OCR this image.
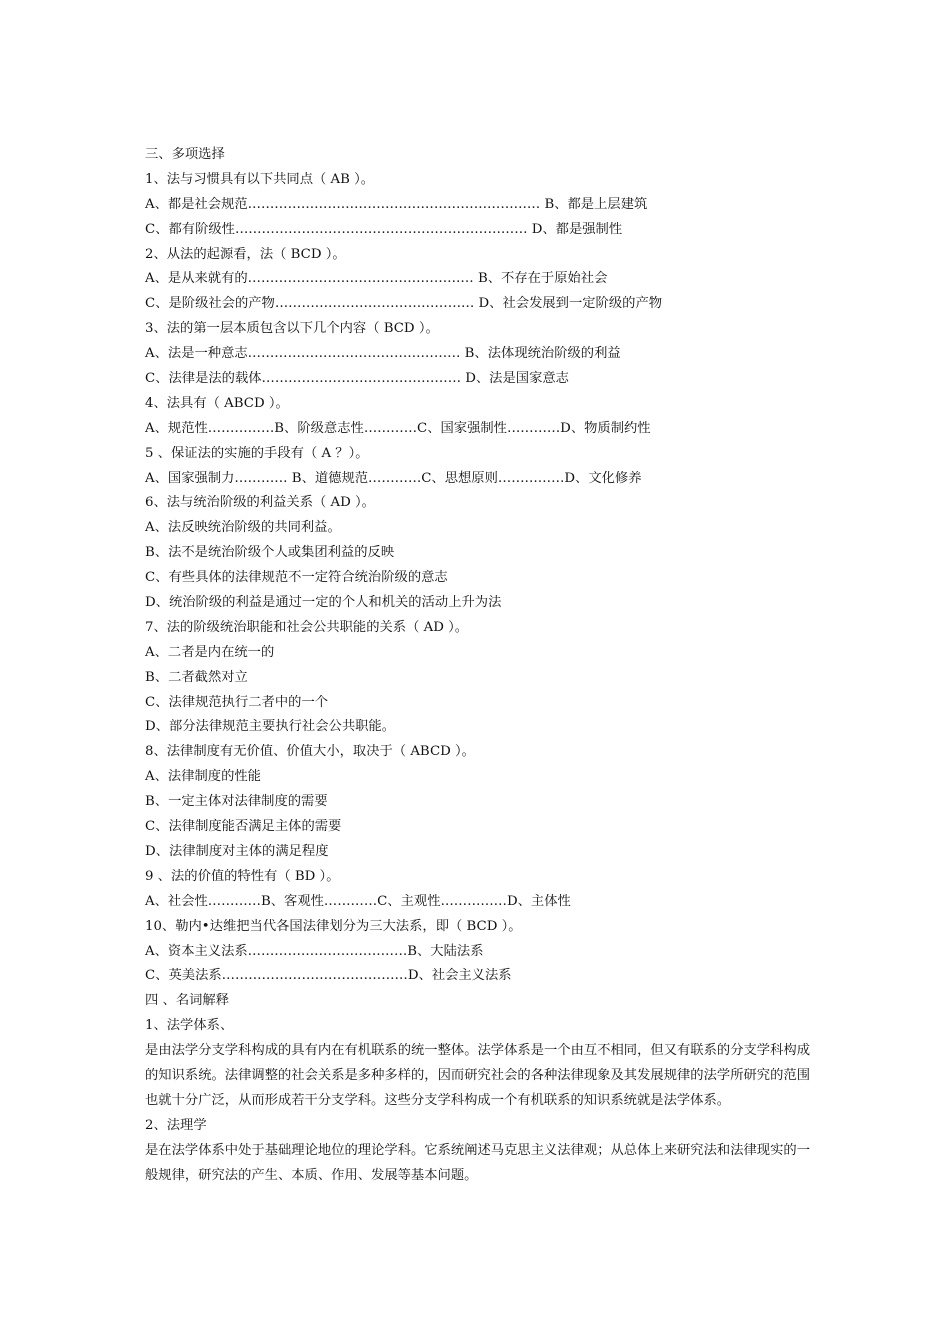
三、多项选择

1、法与习惯具有以下共同点（ AB ）。

A、都是社会规范………………………………………………………… B、都是上层建筑

C、都有阶级性………………………………………………………… D、都是强制性

2、从法的起源看，法（ BCD ）。

A、是从来就有的…………………………………………… B、不存在于原始社会

C、是阶级社会的产物……………………………………… D、社会发展到一定阶级的产物

3、法的第一层本质包含以下几个内容（ BCD ）。

A、法是一种意志………………………………………… B、法体现统治阶级的利益

C、法律是法的载体……………………………………… D、法是国家意志

4、法具有（ ABCD ）。

A、规范性……………B、阶级意志性…………C、国家强制性…………D、物质制约性

5 、保证法的实施的手段有（ A ？）。

A、国家强制力………… B、道德规范…………C、思想原则……………D、文化修养

6、法与统治阶级的利益关系（ AD ）。

A、法反映统治阶级的共同利益。

B、法不是统治阶级个人或集团利益的反映

C、有些具体的法律规范不一定符合统治阶级的意志

D、统治阶级的利益是通过一定的个人和机关的活动上升为法

7、法的阶级统治职能和社会公共职能的关系（ AD ）。

A、二者是内在统一的

B、二者截然对立

C、法律规范执行二者中的一个

D、部分法律规范主要执行社会公共职能。

8、法律制度有无价值、价值大小，取决于（ ABCD ）。

A、法律制度的性能

B、一定主体对法律制度的需要

C、法律制度能否满足主体的需要

D、法律制度对主体的满足程度

9 、法的价值的特性有（ BD ）。

A、社会性…………B、客观性…………C、主观性……………D、主体性

10、勒内•达维把当代各国法律划分为三大法系，即（ BCD ）。

A、资本主义法系………………………………B、大陆法系

C、英美法系……………………………………D、社会主义法系

四 、名词解释

1、法学体系、

是由法学分支学科构成的具有内在有机联系的统一整体。法学体系是一个由互不相同，但又有联系的分支学科构成的知识系统。法律调整的社会关系是多种多样的，因而研究社会的各种法律现象及其发展规律的法学所研究的范围也就十分广泛，从而形成若干分支学科。这些分支学科构成一个有机联系的知识系统就是法学体系。

2、法理学

是在法学体系中处于基础理论地位的理论学科。它系统阐述马克思主义法律观；从总体上来研究法和法律现实的一般规律，研究法的产生、本质、作用、发展等基本问题。
